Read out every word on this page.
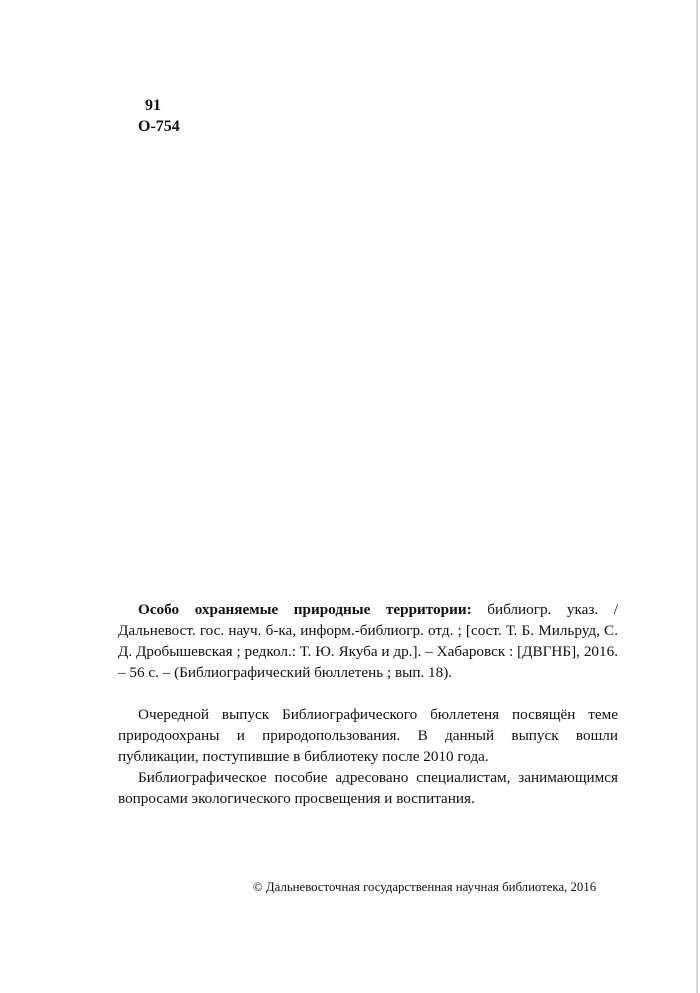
91
О-754

Особо охраняемые природные территории: библиогр. указ. / Дальневост. гос. науч. б-ка, информ.-библиогр. отд. ; [сост. Т. Б. Мильруд, С. Д. Дробышевская ; редкол.: Т. Ю. Якуба и др.]. – Хабаровск : [ДВГНБ], 2016. – 56 с. – (Библиографический бюллетень ; вып. 18).

Очередной выпуск Библиографического бюллетеня посвящён теме природоохраны и природопользования. В данный выпуск вошли публикации, поступившие в библиотеку после 2010 года.

Библиографическое пособие адресовано специалистам, занимающимся вопросами экологического просвещения и воспитания.

© Дальневосточная государственная научная библиотека, 2016
